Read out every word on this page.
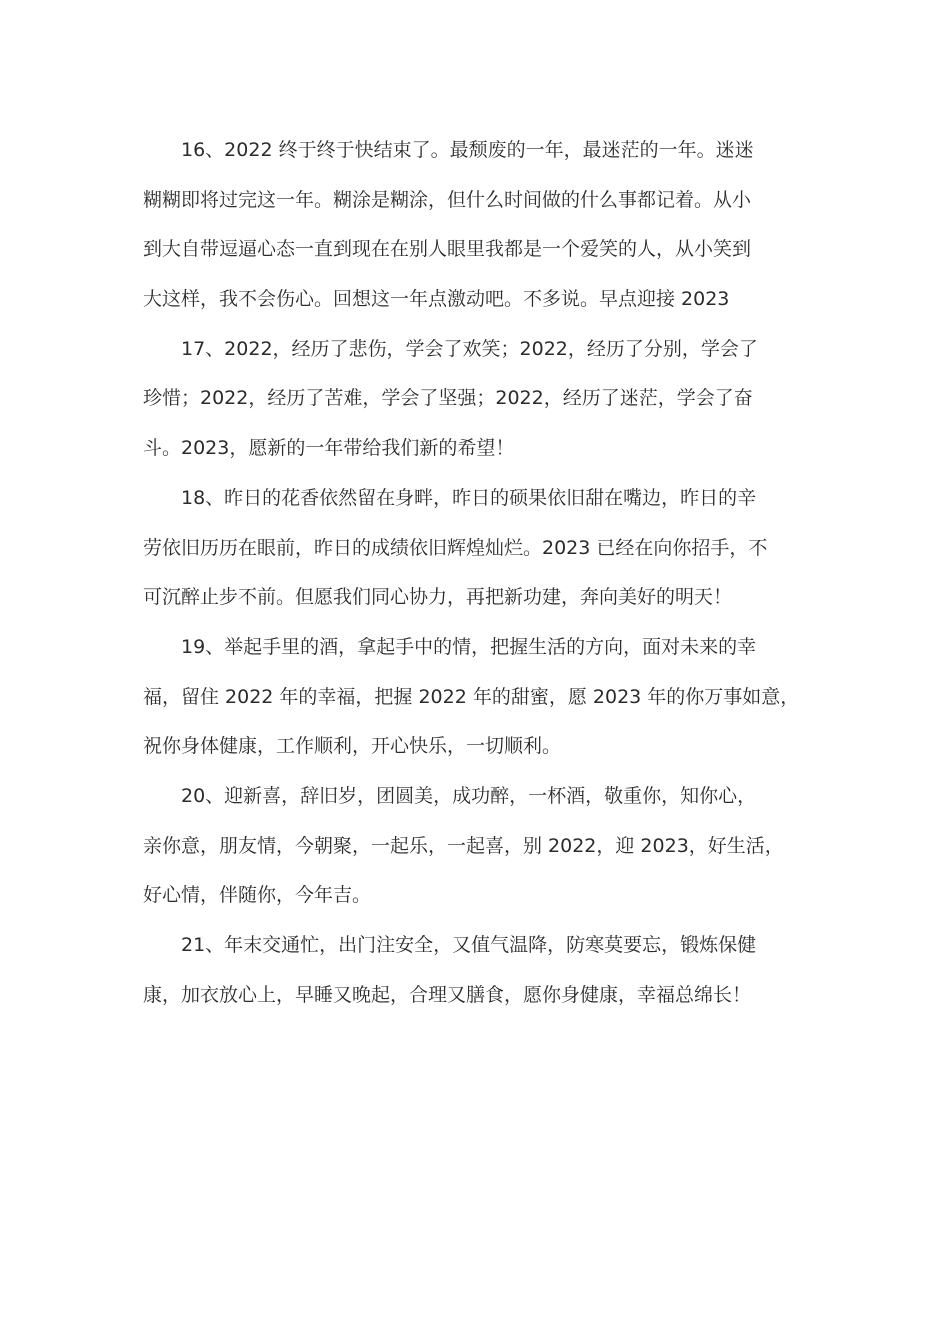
16、2022 终于终于快结束了。最颓废的一年，最迷茫的一年。迷迷
糊糊即将过完这一年。糊涂是糊涂，但什么时间做的什么事都记着。从小
到大自带逗逼心态一直到现在在别人眼里我都是一个爱笑的人，从小笑到
大这样，我不会伤心。回想这一年点激动吧。不多说。早点迎接 2023
17、2022，经历了悲伤，学会了欢笑；2022，经历了分别，学会了
珍惜；2022，经历了苦难，学会了坚强；2022，经历了迷茫，学会了奋
斗。2023，愿新的一年带给我们新的希望！
18、昨日的花香依然留在身畔，昨日的硕果依旧甜在嘴边，昨日的辛
劳依旧历历在眼前，昨日的成绩依旧辉煌灿烂。2023 已经在向你招手，不
可沉醉止步不前。但愿我们同心协力，再把新功建，奔向美好的明天！
19、举起手里的酒，拿起手中的情，把握生活的方向，面对未来的幸
福，留住 2022 年的幸福，把握 2022 年的甜蜜，愿 2023 年的你万事如意，
祝你身体健康，工作顺利，开心快乐，一切顺利。
20、迎新喜，辞旧岁，团圆美，成功醉，一杯酒，敬重你，知你心，
亲你意，朋友情，今朝聚，一起乐，一起喜，别 2022，迎 2023，好生活，
好心情，伴随你，今年吉。
21、年末交通忙，出门注安全，又值气温降，防寒莫要忘，锻炼保健
康，加衣放心上，早睡又晚起，合理又膳食，愿你身健康，幸福总绵长！
